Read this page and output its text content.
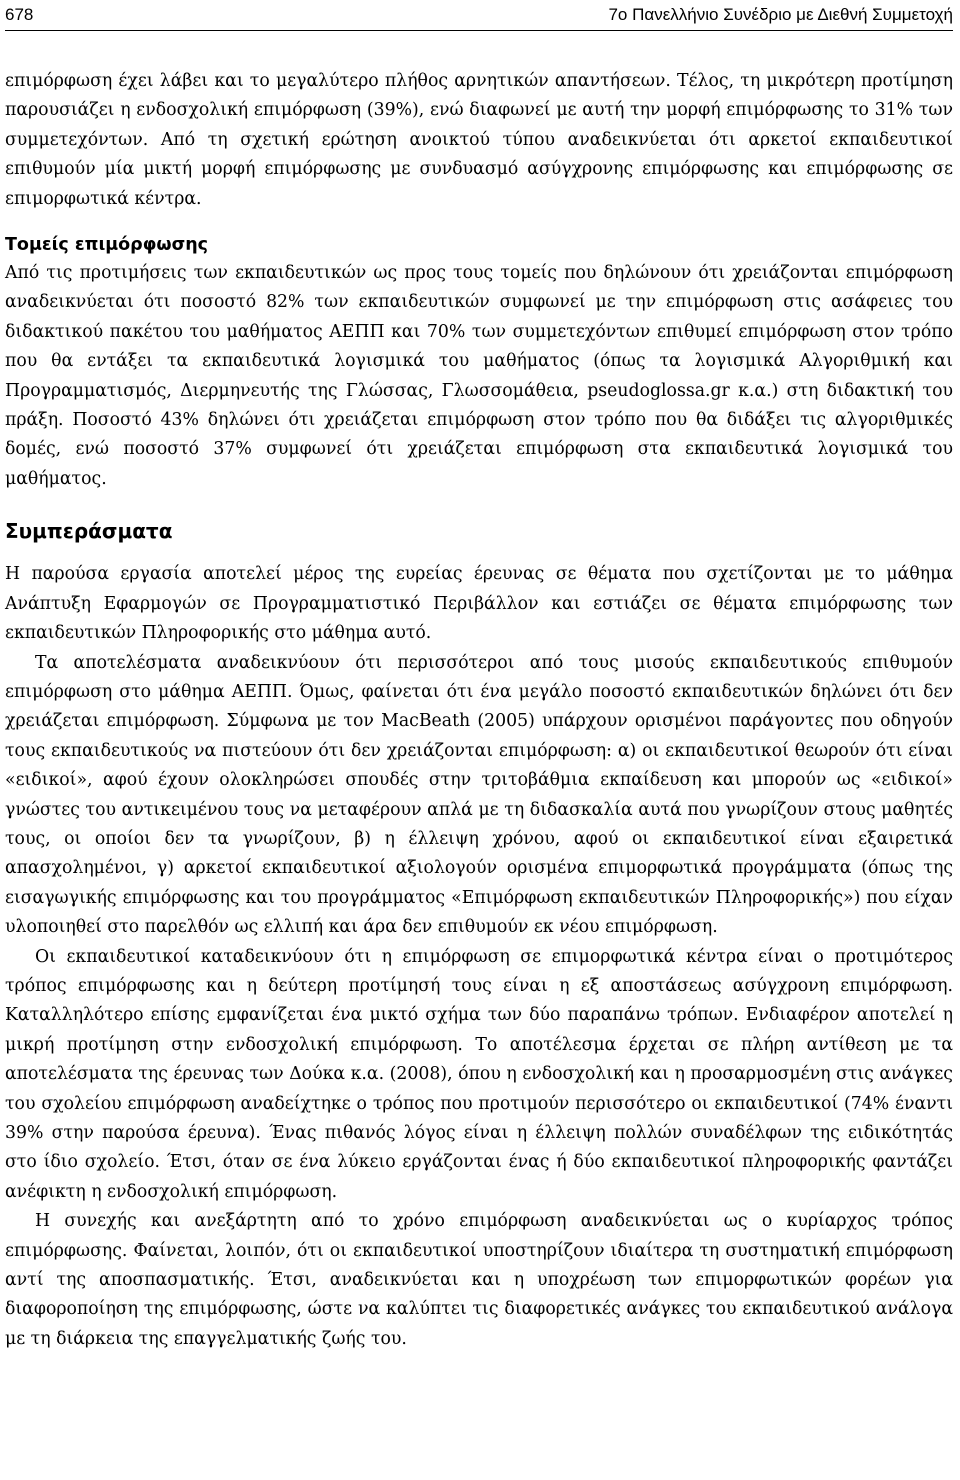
678	7ο Πανελλήνιο Συνέδριο με Διεθνή Συμμετοχή

επιμόρφωση έχει λάβει και το μεγαλύτερο πλήθος αρνητικών απαντήσεων. Τέλος, τη μικρότερη προτίμηση παρουσιάζει η ενδοσχολική επιμόρφωση (39%), ενώ διαφωνεί με αυτή την μορφή επιμόρφωσης το 31% των συμμετεχόντων. Από τη σχετική ερώτηση ανοικτού τύπου αναδεικνύεται ότι αρκετοί εκπαιδευτικοί επιθυμούν μία μικτή μορφή επιμόρφωσης με συνδυασμό ασύγχρονης επιμόρφωσης και επιμόρφωσης σε επιμορφωτικά κέντρα.

Τομείς επιμόρφωσης

Από τις προτιμήσεις των εκπαιδευτικών ως προς τους τομείς που δηλώνουν ότι χρειάζονται επιμόρφωση αναδεικνύεται ότι ποσοστό 82% των εκπαιδευτικών συμφωνεί με την επιμόρφωση στις ασάφειες του διδακτικού πακέτου του μαθήματος ΑΕΠΠ και 70% των συμμετεχόντων επιθυμεί επιμόρφωση στον τρόπο που θα εντάξει τα εκπαιδευτικά λογισμικά του μαθήματος (όπως τα λογισμικά Αλγοριθμική και Προγραμματισμός, Διερμηνευτής της Γλώσσας, Γλωσσομάθεια, pseudoglossa.gr κ.α.) στη διδακτική του πράξη. Ποσοστό 43% δηλώνει ότι χρειάζεται επιμόρφωση στον τρόπο που θα διδάξει τις αλγοριθμικές δομές, ενώ ποσοστό 37% συμφωνεί ότι χρειάζεται επιμόρφωση στα εκπαιδευτικά λογισμικά του μαθήματος.

Συμπεράσματα

Η παρούσα εργασία αποτελεί μέρος της ευρείας έρευνας σε θέματα που σχετίζονται με το μάθημα Ανάπτυξη Εφαρμογών σε Προγραμματιστικό Περιβάλλον και εστιάζει σε θέματα επιμόρφωσης των εκπαιδευτικών Πληροφορικής στο μάθημα αυτό.

Τα αποτελέσματα αναδεικνύουν ότι περισσότεροι από τους μισούς εκπαιδευτικούς επιθυμούν επιμόρφωση στο μάθημα ΑΕΠΠ. Όμως, φαίνεται ότι ένα μεγάλο ποσοστό εκπαιδευτικών δηλώνει ότι δεν χρειάζεται επιμόρφωση. Σύμφωνα με τον MacBeath (2005) υπάρχουν ορισμένοι παράγοντες που οδηγούν τους εκπαιδευτικούς να πιστεύουν ότι δεν χρειάζονται επιμόρφωση: α) οι εκπαιδευτικοί θεωρούν ότι είναι «ειδικοί», αφού έχουν ολοκληρώσει σπουδές στην τριτοβάθμια εκπαίδευση και μπορούν ως «ειδικοί» γνώστες του αντικειμένου τους να μεταφέρουν απλά με τη διδασκαλία αυτά που γνωρίζουν στους μαθητές τους, οι οποίοι δεν τα γνωρίζουν, β) η έλλειψη χρόνου, αφού οι εκπαιδευτικοί είναι εξαιρετικά απασχολημένοι, γ) αρκετοί εκπαιδευτικοί αξιολογούν ορισμένα επιμορφωτικά προγράμματα (όπως της εισαγωγικής επιμόρφωσης και του προγράμματος «Επιμόρφωση εκπαιδευτικών Πληροφορικής») που είχαν υλοποιηθεί στο παρελθόν ως ελλιπή και άρα δεν επιθυμούν εκ νέου επιμόρφωση.

Οι εκπαιδευτικοί καταδεικνύουν ότι η επιμόρφωση σε επιμορφωτικά κέντρα είναι ο προτιμότερος τρόπος επιμόρφωσης και η δεύτερη προτίμησή τους είναι η εξ αποστάσεως ασύγχρονη επιμόρφωση. Καταλληλότερο επίσης εμφανίζεται ένα μικτό σχήμα των δύο παραπάνω τρόπων. Ενδιαφέρον αποτελεί η μικρή προτίμηση στην ενδοσχολική επιμόρφωση. Το αποτέλεσμα έρχεται σε πλήρη αντίθεση με τα αποτελέσματα της έρευνας των Δούκα κ.α. (2008), όπου η ενδοσχολική και η προσαρμοσμένη στις ανάγκες του σχολείου επιμόρφωση αναδείχτηκε ο τρόπος που προτιμούν περισσότερο οι εκπαιδευτικοί (74% έναντι 39% στην παρούσα έρευνα). Ένας πιθανός λόγος είναι η έλλειψη πολλών συναδέλφων της ειδικότητάς στο ίδιο σχολείο. Έτσι, όταν σε ένα λύκειο εργάζονται ένας ή δύο εκπαιδευτικοί πληροφορικής φαντάζει ανέφικτη η ενδοσχολική επιμόρφωση.

Η συνεχής και ανεξάρτητη από το χρόνο επιμόρφωση αναδεικνύεται ως ο κυρίαρχος τρόπος επιμόρφωσης. Φαίνεται, λοιπόν, ότι οι εκπαιδευτικοί υποστηρίζουν ιδιαίτερα τη συστηματική επιμόρφωση αντί της αποσπασματικής. Έτσι, αναδεικνύεται και η υποχρέωση των επιμορφωτικών φορέων για διαφοροποίηση της επιμόρφωσης, ώστε να καλύπτει τις διαφορετικές ανάγκες του εκπαιδευτικού ανάλογα με τη διάρκεια της επαγγελματικής ζωής του.
